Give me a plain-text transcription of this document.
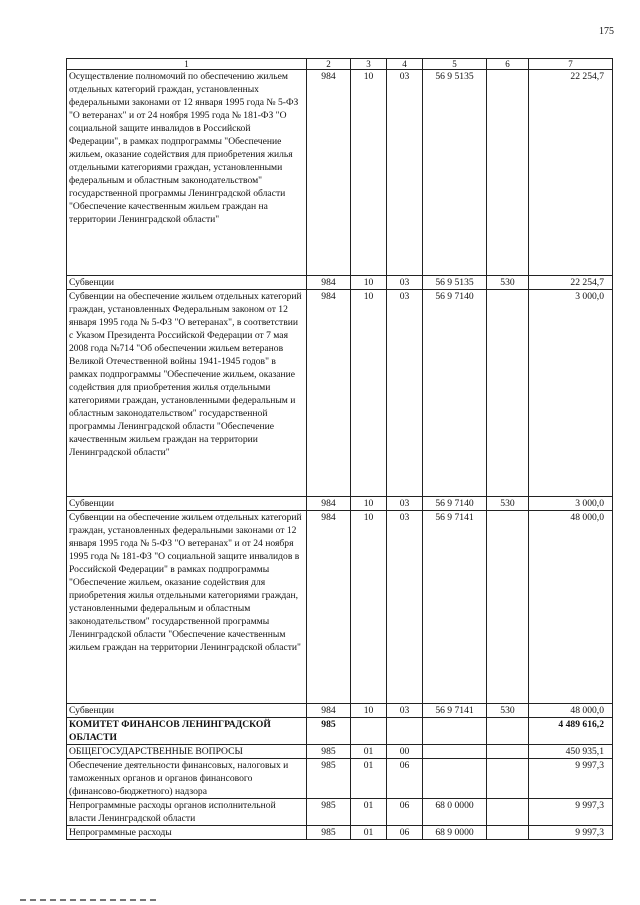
175
1	2	3	4	5	6	7
Осуществление полномочий по обеспечению жильем отдельных категорий граждан, установленных федеральными законами от 12 января 1995 года № 5-ФЗ "О ветеранах" и от 24 ноября 1995 года № 181-ФЗ "О социальной защите инвалидов в Российской Федерации", в рамках подпрограммы "Обеспечение жильем, оказание содействия для приобретения жилья отдельными категориями граждан, установленными федеральным и областным законодательством" государственной программы Ленинградской области "Обеспечение качественным жильем граждан на территории Ленинградской области"	984	10	03	56 9 5135		22 254,7
Субвенции	984	10	03	56 9 5135	530	22 254,7
Субвенции на обеспечение жильем отдельных категорий граждан, установленных Федеральным законом от 12 января 1995 года № 5-ФЗ "О ветеранах", в соответствии с Указом Президента Российской Федерации от 7 мая 2008 года №714 "Об обеспечении жильем ветеранов Великой Отечественной войны 1941-1945 годов" в рамках подпрограммы "Обеспечение жильем, оказание содействия для приобретения жилья отдельными категориями граждан, установленными федеральным и областным законодательством" государственной программы Ленинградской области "Обеспечение качественным жильем граждан на территории Ленинградской области"	984	10	03	56 9 7140		3 000,0
Субвенции	984	10	03	56 9 7140	530	3 000,0
Субвенции на обеспечение жильем отдельных категорий граждан, установленных федеральными законами от 12 января 1995 года № 5-ФЗ "О ветеранах" и от 24 ноября 1995 года № 181-ФЗ "О социальной защите инвалидов в Российской Федерации" в рамках подпрограммы "Обеспечение жильем, оказание содействия для приобретения жилья отдельными категориями граждан, установленными федеральным и областным законодательством" государственной программы Ленинградской области "Обеспечение качественным жильем граждан на территории Ленинградской области"	984	10	03	56 9 7141		48 000,0
Субвенции	984	10	03	56 9 7141	530	48 000,0
КОМИТЕТ ФИНАНСОВ ЛЕНИНГРАДСКОЙ ОБЛАСТИ	985					4 489 616,2
ОБЩЕГОСУДАРСТВЕННЫЕ ВОПРОСЫ	985	01	00			450 935,1
Обеспечение деятельности финансовых, налоговых и таможенных органов и органов финансового (финансово-бюджетного) надзора	985	01	06			9 997,3
Непрограммные расходы органов исполнительной власти Ленинградской области	985	01	06	68 0 0000		9 997,3
Непрограммные расходы	985	01	06	68 9 0000		9 997,3
